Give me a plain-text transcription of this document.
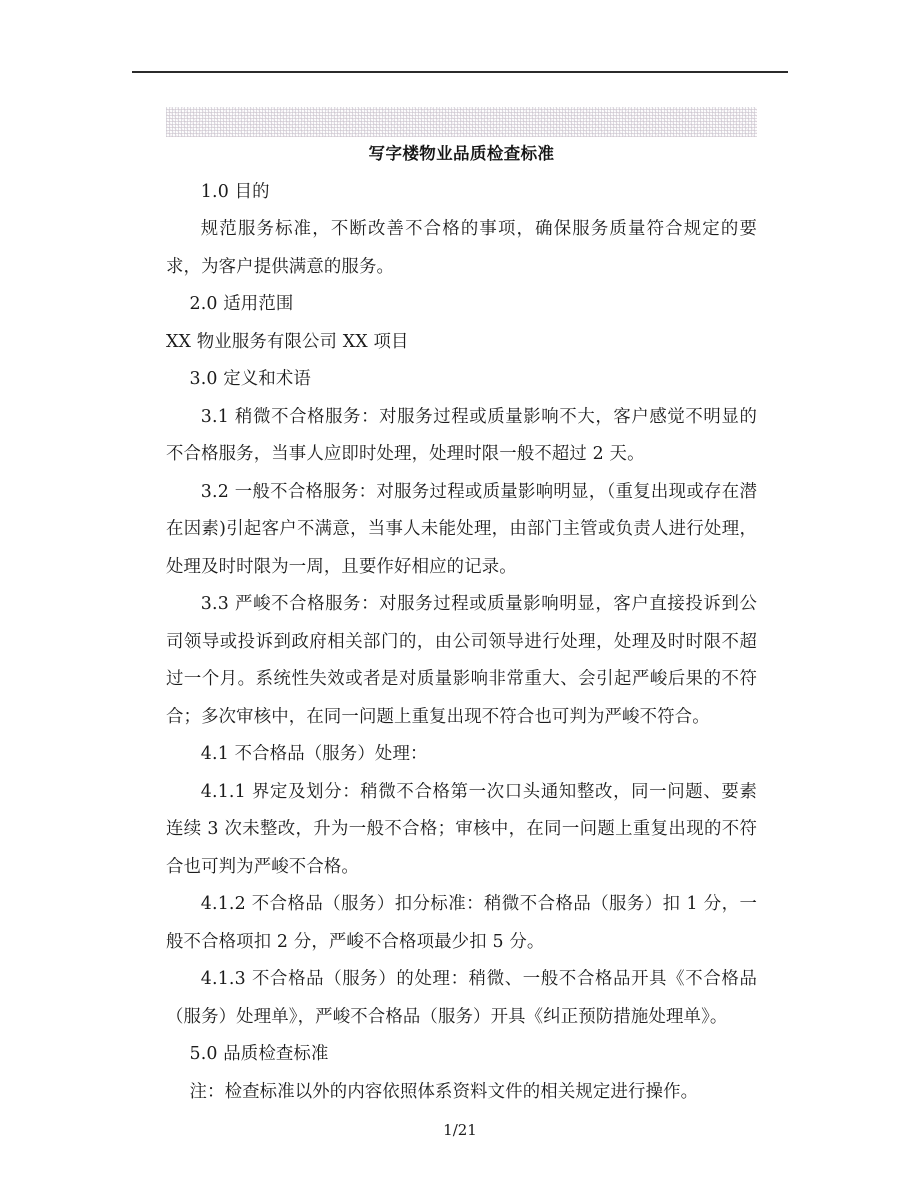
写字楼物业品质检查标准

1.0 目的

规范服务标准，不断改善不合格的事项，确保服务质量符合规定的要求，为客户提供满意的服务。

2.0 适用范围

XX 物业服务有限公司 XX 项目

3.0 定义和术语

3.1 稍微不合格服务：对服务过程或质量影响不大，客户感觉不明显的不合格服务，当事人应即时处理，处理时限一般不超过 2 天。

3.2 一般不合格服务：对服务过程或质量影响明显，（重复出现或存在潜在因素)引起客户不满意，当事人未能处理，由部门主管或负责人进行处理，处理及时时限为一周，且要作好相应的记录。

3.3 严峻不合格服务：对服务过程或质量影响明显，客户直接投诉到公司领导或投诉到政府相关部门的，由公司领导进行处理，处理及时时限不超过一个月。系统性失效或者是对质量影响非常重大、会引起严峻后果的不符合；多次审核中，在同一问题上重复出现不符合也可判为严峻不符合。

4.1 不合格品（服务）处理：

4.1.1 界定及划分：稍微不合格第一次口头通知整改，同一问题、要素连续 3 次未整改，升为一般不合格；审核中，在同一问题上重复出现的不符合也可判为严峻不合格。

4.1.2 不合格品（服务）扣分标准：稍微不合格品（服务）扣 1 分，一般不合格项扣 2 分，严峻不合格项最少扣 5 分。

4.1.3 不合格品（服务）的处理：稍微、一般不合格品开具《不合格品（服务）处理单》，严峻不合格品（服务）开具《纠正预防措施处理单》。

5.0 品质检查标准

注：检查标准以外的内容依照体系资料文件的相关规定进行操作。

1/21
